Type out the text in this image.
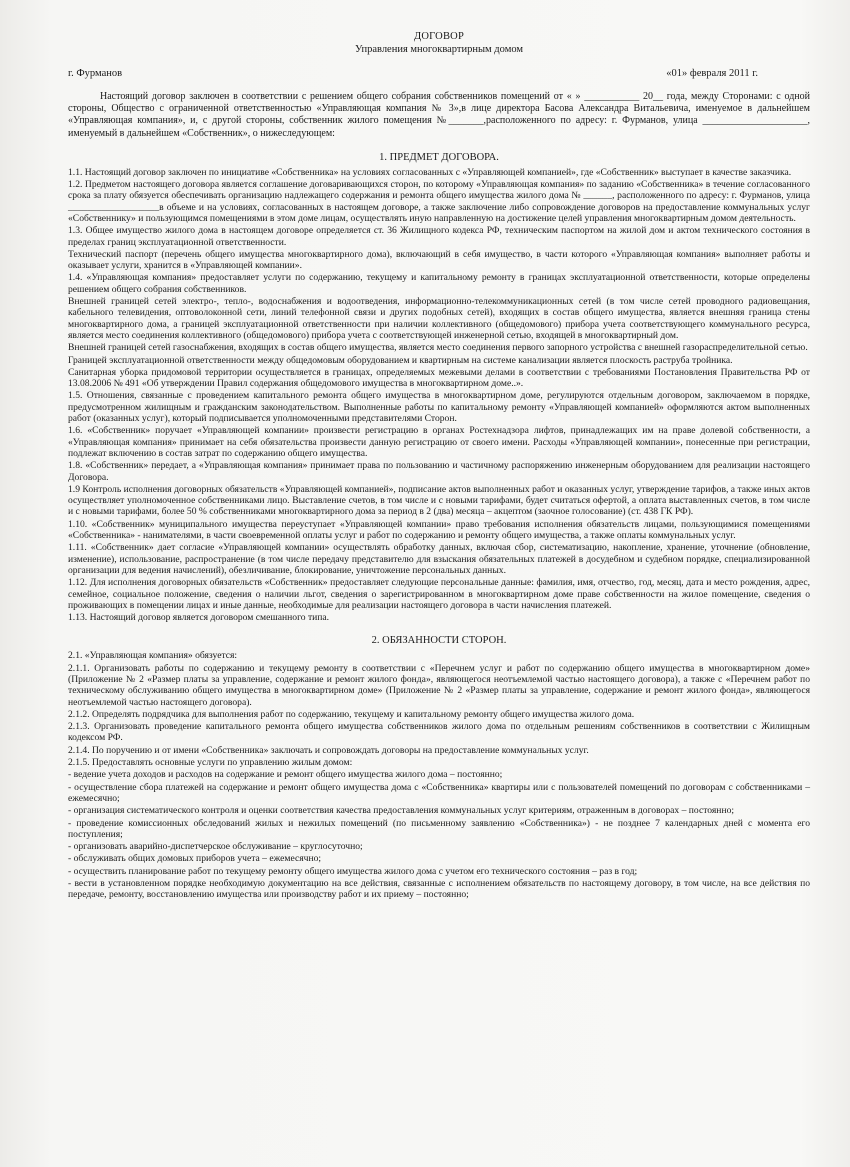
ДОГОВОР
Управления многоквартирным домом
г. Фурманов	«01» февраля 2011 г.
Настоящий договор заключен в соответствии с решением общего собрания собственников помещений от « » ___________ 20__ года, между Сторонами: с одной стороны, Общество с ограниченной ответственностью «Управляющая компания № 3»,в лице директора Басова Александра Витальевича, именуемое в дальнейшем «Управляющая компания», и, с другой стороны, собственник жилого помещения №_______,расположенного по адресу: г. Фурманов, улица _____________________, именуемый в дальнейшем «Собственник», о нижеследующем:
1. ПРЕДМЕТ ДОГОВОРА.

1.1. Настоящий договор заключен по инициативе «Собственника» на условиях согласованных с «Управляющей компанией», где «Собственник» выступает в качестве заказчика.

1.2. Предметом настоящего договора является соглашение договаривающихся сторон, по которому «Управляющая компания» по заданию «Собственника» в течение согласованного срока за плату обязуется обеспечивать организацию надлежащего содержания и ремонта общего имущества жилого дома № ______, расположенного по адресу: г. Фурманов, улица ___________________в объеме и на условиях, согласованных в настоящем договоре, а также заключение либо сопровождение договоров на предоставление коммунальных услуг «Собственнику» и пользующимся помещениями в этом доме лицам, осуществлять иную направленную на достижение целей управления многоквартирным домом деятельность.

1.3. Общее имущество жилого дома в настоящем договоре определяется ст. 36 Жилищного кодекса РФ, техническим паспортом на жилой дом и актом технического состояния в пределах границ эксплуатационной ответственности.

Технический паспорт (перечень общего имущества многоквартирного дома), включающий в себя имущество, в части которого «Управляющая компания» выполняет работы и оказывает услуги, хранится в «Управляющей компании».

1.4. «Управляющая компания» предоставляет услуги по содержанию, текущему и капитальному ремонту в границах эксплуатационной ответственности, которые определены решением общего собрания собственников.

Внешней границей сетей электро-, тепло-, водоснабжения и водоотведения, информационно-телекоммуникационных сетей (в том числе сетей проводного радиовещания, кабельного телевидения, оптоволоконной сети, линий телефонной связи и других подобных сетей), входящих в состав общего имущества, является внешняя граница стены многоквартирного дома, а границей эксплуатационной ответственности при наличии коллективного (общедомового) прибора учета соответствующего коммунального ресурса, является место соединения коллективного (общедомового) прибора учета с соответствующей инженерной сетью, входящей в многоквартирный дом.

Внешней границей сетей газоснабжения, входящих в состав общего имущества, является место соединения первого запорного устройства с внешней газораспределительной сетью.

Границей эксплуатационной ответственности между общедомовым оборудованием и квартирным на системе канализации является плоскость раструба тройника.

Санитарная уборка придомовой территории осуществляется в границах, определяемых межевыми делами в соответствии с требованиями Постановления Правительства РФ от 13.08.2006 № 491 «Об утверждении Правил содержания общедомового имущества в многоквартирном доме..».

1.5. Отношения, связанные с проведением капитального ремонта общего имущества в многоквартирном доме, регулируются отдельным договором, заключаемом в порядке, предусмотренном жилищным и гражданским законодательством. Выполненные работы по капитальному ремонту «Управляющей компанией» оформляются актом выполненных работ (оказанных услуг), который подписывается уполномоченными представителями Сторон.

1.6. «Собственник» поручает «Управляющей компании» произвести регистрацию в органах Ростехнадзора лифтов, принадлежащих им на праве долевой собственности, а «Управляющая компания» принимает на себя обязательства произвести данную регистрацию от своего имени. Расходы «Управляющей компании», понесенные при регистрации, подлежат включению в состав затрат по содержанию общего имущества.

1.8. «Собственник» передает, а «Управляющая компания» принимает права по пользованию и частичному распоряжению инженерным оборудованием для реализации настоящего Договора.

1.9 Контроль исполнения договорных обязательств «Управляющей компанией», подписание актов выполненных работ и оказанных услуг, утверждение тарифов, а также иных актов осуществляет уполномоченное собственниками лицо. Выставление счетов, в том числе и с новыми тарифами, будет считаться офертой, а оплата выставленных счетов, в том числе и с новыми тарифами, более 50 % собственниками многоквартирного дома за период в 2 (два) месяца – акцептом (заочное голосование) (ст. 438 ГК РФ).

1.10. «Собственник» муниципального имущества переуступает «Управляющей компании» право требования исполнения обязательств лицами, пользующимися помещениями «Собственника» - нанимателями, в части своевременной оплаты услуг и работ по содержанию и ремонту общего имущества, а также оплаты коммунальных услуг.

1.11. «Собственник» дает согласие «Управляющей компании» осуществлять обработку данных, включая сбор, систематизацию, накопление, хранение, уточнение (обновление, изменение), использование, распространение (в том числе передачу представителю для взыскания обязательных платежей в досудебном и судебном порядке, специализированной организации для ведения начислений), обезличивание, блокирование, уничтожение персональных данных.

1.12. Для исполнения договорных обязательств «Собственник» предоставляет следующие персональные данные: фамилия, имя, отчество, год, месяц, дата и место рождения, адрес, семейное, социальное положение, сведения о наличии льгот, сведения о зарегистрированном в многоквартирном доме праве собственности на жилое помещение, сведения о проживающих в помещении лицах и иные данные, необходимые для реализации настоящего договора в части начисления платежей.

1.13. Настоящий договор является договором смешанного типа.

2. ОБЯЗАННОСТИ СТОРОН.

2.1. «Управляющая компания» обязуется:

2.1.1. Организовать работы по содержанию и текущему ремонту в соответствии с «Перечнем услуг и работ по содержанию общего имущества в многоквартирном доме» (Приложение № 2 «Размер платы за управление, содержание и ремонт жилого фонда», являющегося неотъемлемой частью настоящего договора), а также с «Перечнем работ по техническому обслуживанию общего имущества в многоквартирном доме» (Приложение № 2 «Размер платы за управление, содержание и ремонт жилого фонда», являющегося неотъемлемой частью настоящего договора).

2.1.2. Определять подрядчика для выполнения работ по содержанию, текущему и капитальному ремонту общего имущества жилого дома.

2.1.3. Организовать проведение капитального ремонта общего имущества собственников жилого дома по отдельным решениям собственников в соответствии с Жилищным кодексом РФ.

2.1.4. По поручению и от имени «Собственника» заключать и сопровождать договоры на предоставление коммунальных услуг.

2.1.5. Предоставлять основные услуги по управлению жилым домом:

- ведение учета доходов и расходов на содержание и ремонт общего имущества жилого дома – постоянно;

- осуществление сбора платежей на содержание и ремонт общего имущества дома с «Собственника» квартиры или с пользователей помещений по договорам с собственниками – ежемесячно;

- организация систематического контроля и оценки соответствия качества предоставления коммунальных услуг критериям, отраженным в договорах – постоянно;

- проведение комиссионных обследований жилых и нежилых помещений (по письменному заявлению «Собственника») - не позднее 7 календарных дней с момента его поступления;

- организовать аварийно-диспетчерское обслуживание – круглосуточно;

- обслуживать общих домовых приборов учета – ежемесячно;

- осуществить планирование работ по текущему ремонту общего имущества жилого дома с учетом его технического состояния – раз в год;

- вести в установленном порядке необходимую документацию на все действия, связанные с исполнением обязательств по настоящему договору, в том числе, на все действия по передаче, ремонту, восстановлению имущества или производству работ и их приему – постоянно;
